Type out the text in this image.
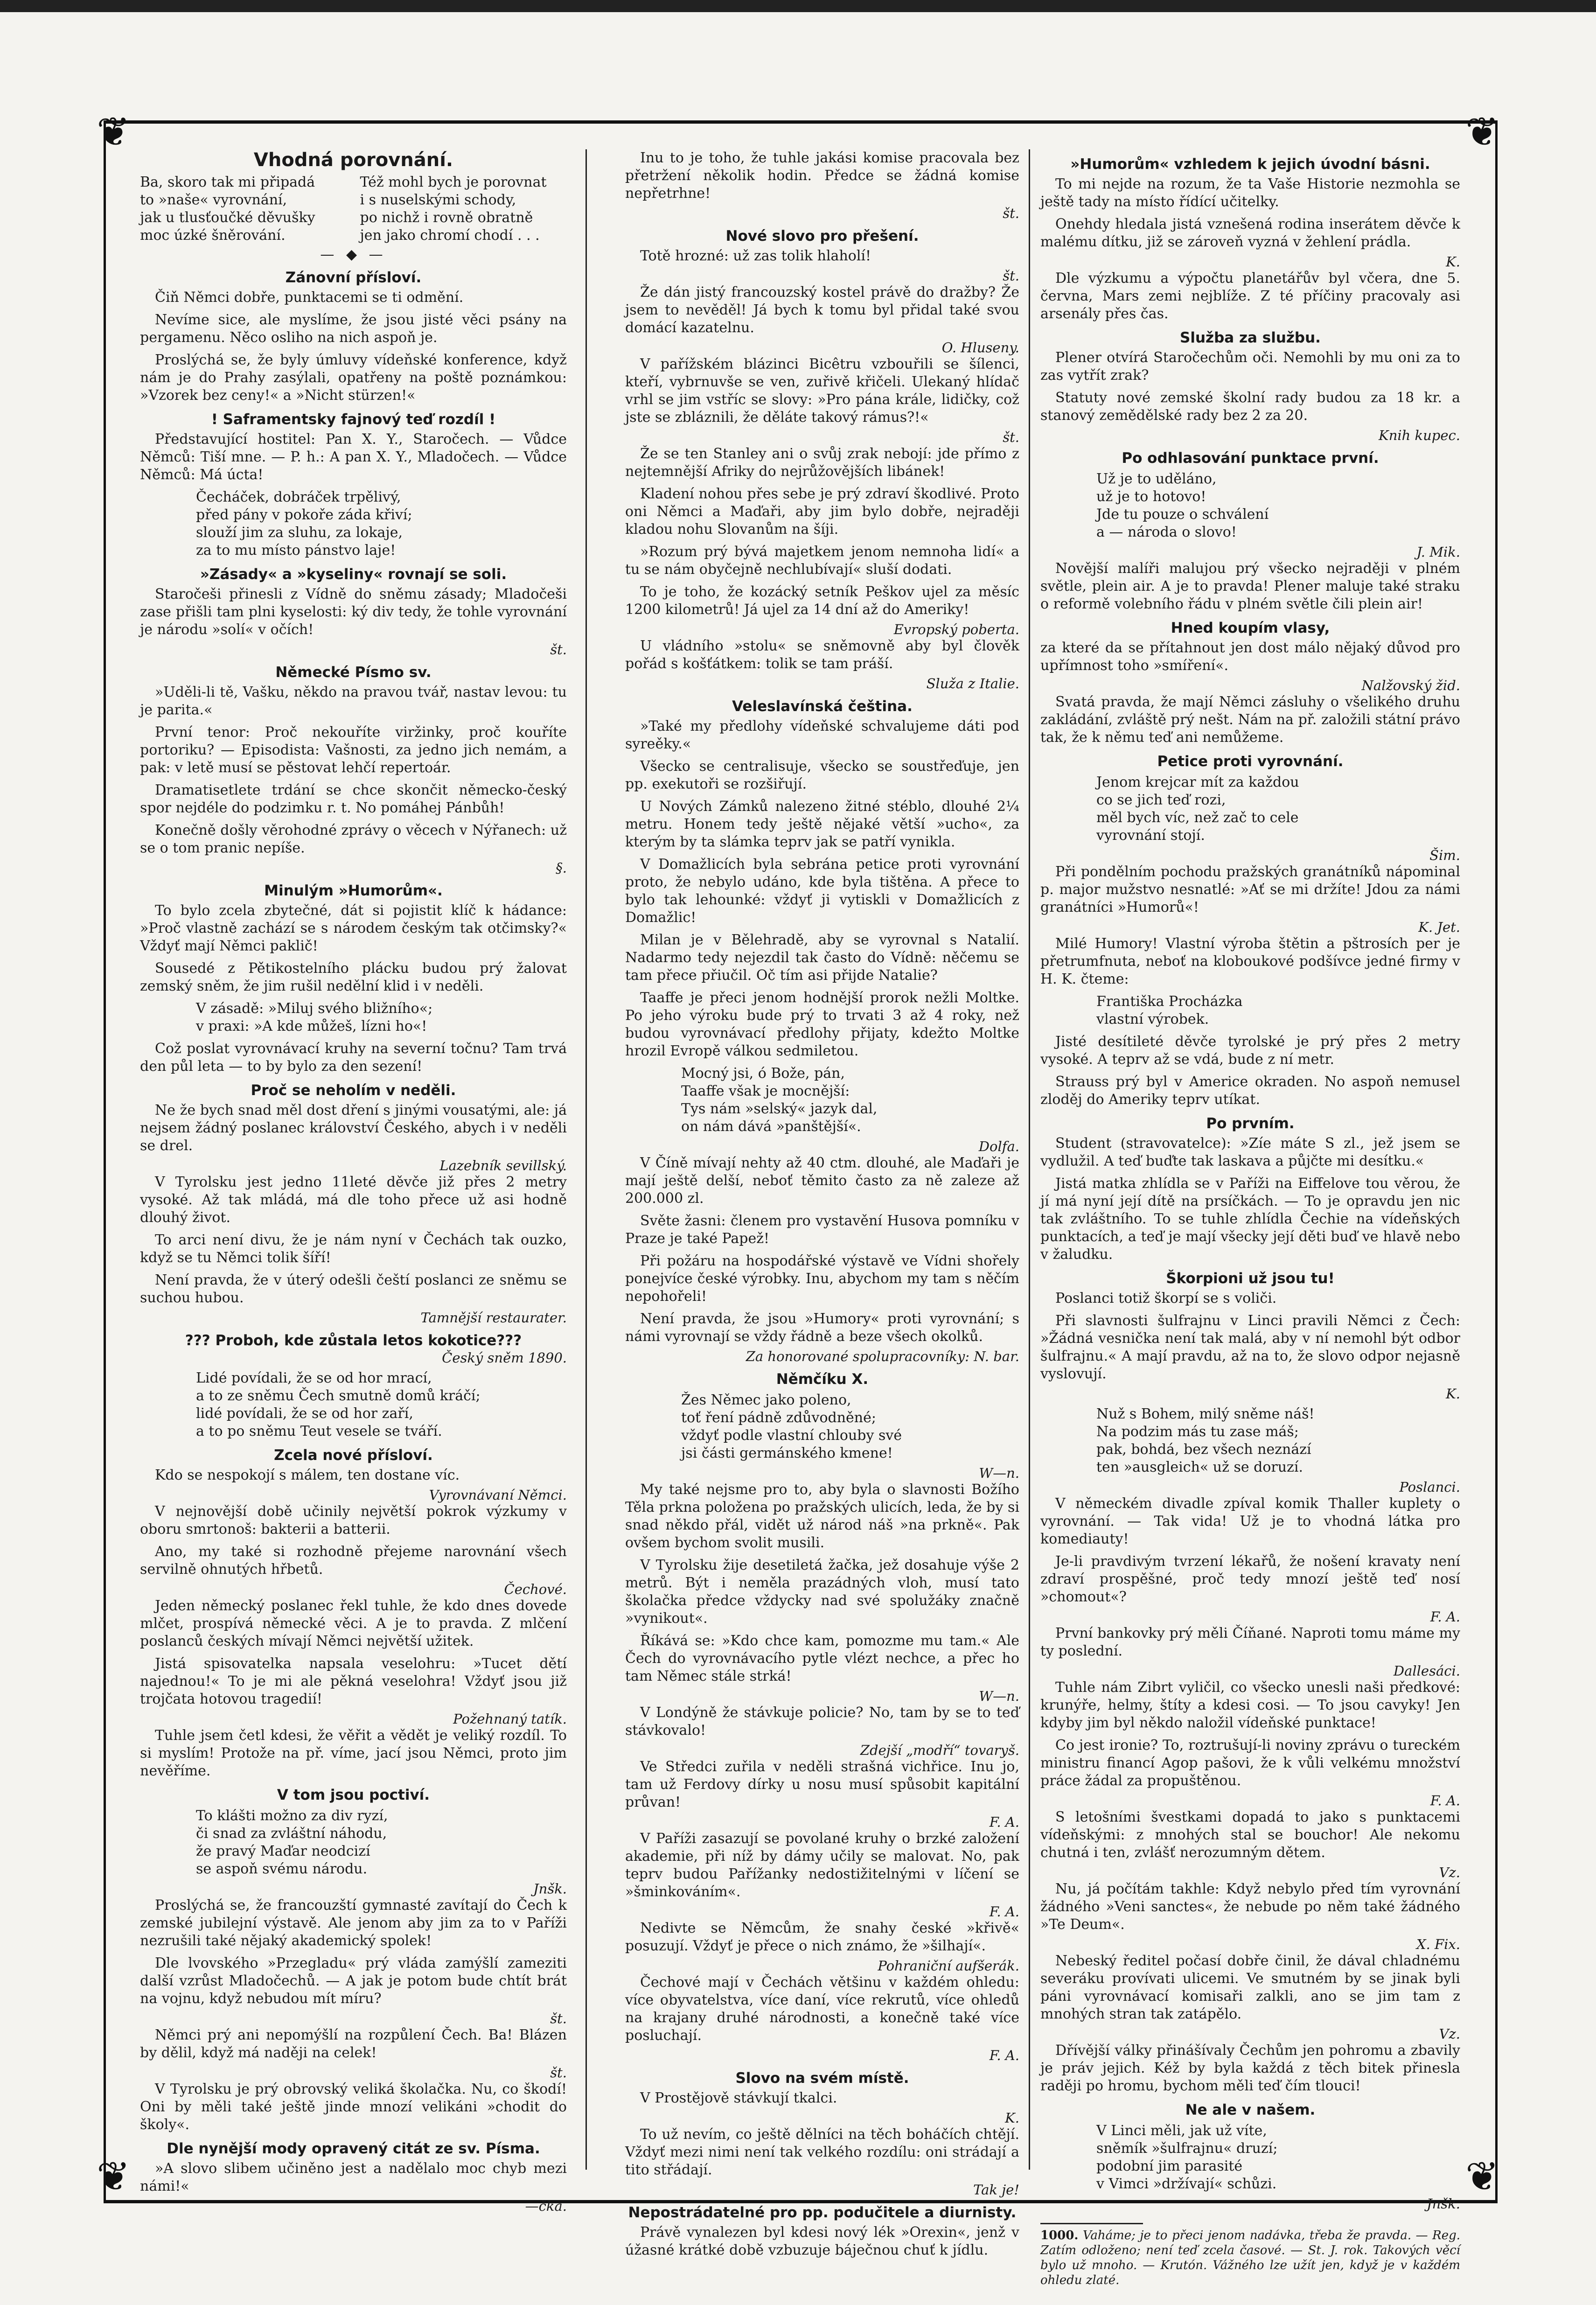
❦	❦
❦	❦
Vhodná porovnání.
Ba, skoro tak mi připadá
to »naše« vyrovnání,
jak u tlusťoučké děvušky
moc úzké šněrování.
Též mohl bych je porovnat
i s nuselskými schody,
po nichž i rovně obratně
jen jako chromí chodí . . .
— ◆ —
Zánovní přísloví.

Čiň Němci dobře, punktacemi se ti odmění.

Nevíme sice, ale myslíme, že jsou jisté věci psány na pergamenu. Něco osliho na nich aspoň je.

Proslýchá se, že byly úmluvy vídeňské konference, když nám je do Prahy zasýlali, opatřeny na poště poznámkou: »Vzorek bez ceny!« a »Nicht stürzen!«

! Saframentsky fajnový teď rozdíl !

Představující hostitel: Pan X. Y., Staročech. — Vůdce Němců: Tiší mne. — P. h.: A pan X. Y., Mladočech. — Vůdce Němců: Má úcta!

Čecháček, dobráček trpělivý,
před pány v pokoře záda křiví;
slouží jim za sluhu, za lokaje,
za to mu místo pánstvo laje!
»Zásady« a »kyseliny« rovnají se soli.

Staročeši přinesli z Vídně do sněmu zásady; Mladočeši zase přišli tam plni kyselosti: ký div tedy, že tohle vyrovnání je národu »solí« v očích!

št.
Německé Písmo sv.

»Uděli-li tě, Vašku, někdo na pravou tvář, nastav levou: tu je parita.«

První tenor: Proč nekouříte viržinky, proč kouříte portoriku? — Episodista: Vašnosti, za jedno jich nemám, a pak: v letě musí se pěstovat lehčí repertoár.

Dramatisetlete trdání se chce skončit německo-český spor nejdéle do podzimku r. t. No pomáhej Pánbůh!

Konečně došly věrohodné zprávy o věcech v Nýřanech: už se o tom pranic nepíše.

§.
Minulým »Humorům«.

To bylo zcela zbytečné, dát si pojistit klíč k hádance: »Proč vlastně zachází se s národem českým tak otčimsky?« Vždyť mají Němci paklič!

Sousedé z Pětikostelního plácku budou prý žalovat zemský sněm, že jim rušil nedělní klid i v neděli.

V zásadě: »Miluj svého bližního«;
v praxi: »A kde můžeš, lízni ho«!

Což poslat vyrovnávací kruhy na severní točnu? Tam trvá den půl leta — to by bylo za den sezení!

Proč se neholím v neděli.

Ne že bych snad měl dost dření s jinými vousatými, ale: já nejsem žádný poslanec království Českého, abych i v neděli se drel.

Lazebník sevillský.

V Tyrolsku jest jedno 11leté děvče již přes 2 metry vysoké. Až tak mládá, má dle toho přece už asi hodně dlouhý život.

To arci není divu, že je nám nyní v Čechách tak ouzko, když se tu Němci tolik šíří!

Není pravda, že v úterý odešli čeští poslanci ze sněmu se suchou hubou.

Tamnější restaurater.
??? Proboh, kde zůstala letos kokotice???
Český sněm 1890.
Lidé povídali, že se od hor mrací,
a to ze sněmu Čech smutně domů kráčí;
lidé povídali, že se od hor zaří,
a to po sněmu Teut vesele se tváří.
Zcela nové přísloví.

Kdo se nespokojí s málem, ten dostane víc.

Vyrovnávaní Němci.

V nejnovější době učinily největší pokrok výzkumy v oboru smrtonoš: bakterii a batterii.

Ano, my také si rozhodně přejeme narovnání všech servilně ohnutých hřbetů.

Čechové.

Jeden německý poslanec řekl tuhle, že kdo dnes dovede mlčet, prospívá německé věci. A je to pravda. Z mlčení poslanců českých mívají Němci největší užitek.

Jistá spisovatelka napsala veselohru: »Tucet dětí najednou!« To je mi ale pěkná veselohra! Vždyť jsou již trojčata hotovou tragedií!

Požehnaný tatík.

Tuhle jsem četl kdesi, že věřit a vědět je veliký rozdíl. To si myslím! Protože na př. víme, jací jsou Němci, proto jim nevěříme.

V tom jsou poctiví.
To klášti možno za div ryzí,
či snad za zvláštní náhodu,
že pravý Maďar neodcizí
se aspoň svému národu.
Jnšk.

Proslýchá se, že francouzští gymnasté zavítají do Čech k zemské jubilejní výstavě. Ale jenom aby jim za to v Paříži nezrušili také nějaký akademický spolek!

Dle lvovského »Przegladu« prý vláda zamýšlí zameziti další vzrůst Mladočechů. — A jak je potom bude chtít brát na vojnu, když nebudou mít míru?

št.

Němci prý ani nepomýšlí na rozpůlení Čech. Ba! Blázen by dělil, když má naději na celek!

št.

V Tyrolsku je prý obrovský veliká školačka. Nu, co škodí! Oni by měli také ještě jinde mnozí velikáni »chodit do školy«.

Dle nynější mody opravený citát ze sv. Písma.

»A slovo slibem učiněno jest a nadělalo moc chyb mezi námi!«

—čka.

Inu to je toho, že tuhle jakási komise pracovala bez přetržení několik hodin. Předce se žádná komise nepřetrhne!

št.
Nové slovo pro přešení.

Totě hrozné: už zas tolik hlaholí!

št.

Že dán jistý francouzský kostel právě do dražby? Že jsem to nevěděl! Já bych k tomu byl přidal také svou domácí kazatelnu.

O. Hluseny.

V pařížském blázinci Bicêtru vzbouřili se šílenci, kteří, vybrnuvše se ven, zuřivě křičeli. Ulekaný hlídač vrhl se jim vstříc se slovy: »Pro pána krále, lidičky, což jste se zbláznili, že děláte takový rámus?!«

št.

Že se ten Stanley ani o svůj zrak nebojí: jde přímo z nejtemnější Afriky do nejrůžovějších libánek!

Kladení nohou přes sebe je prý zdraví škodlivé. Proto oni Němci a Maďaři, aby jim bylo dobře, nejraději kladou nohu Slovanům na šíji.

»Rozum prý bývá majetkem jenom nemnoha lidí« a tu se nám obyčejně nechlubívají« sluší dodati.

To je toho, že kozácký setník Peškov ujel za měsíc 1200 kilometrů! Já ujel za 14 dní až do Ameriky!

Evropský poberta.

U vládního »stolu« se sněmovně aby byl člověk pořád s košťátkem: tolik se tam práší.

Služa z Italie.
Veleslavínská čeština.

»Také my předlohy vídeňské schvalujeme dáti pod syreěky.«

Všecko se centralisuje, všecko se soustřeďuje, jen pp. exekutoři se rozšiřují.

U Nových Zámků nalezeno žitné stéblo, dlouhé 2¼ metru. Honem tedy ještě nějaké větší »ucho«, za kterým by ta slámka teprv jak se patří vynikla.

V Domažlicích byla sebrána petice proti vyrovnání proto, že nebylo udáno, kde byla tištěna. A přece to bylo tak lehounké: vždyť ji vytiskli v Domažlicích z Domažlic!

Milan je v Bělehradě, aby se vyrovnal s Natalií. Nadarmo tedy nejezdil tak často do Vídně: něčemu se tam přece přiučil. Oč tím asi přijde Natalie?

Taaffe je přeci jenom hodnější prorok nežli Moltke. Po jeho výroku bude prý to trvati 3 až 4 roky, než budou vyrovnávací předlohy přijaty, kdežto Moltke hrozil Evropě válkou sedmiletou.

Mocný jsi, ó Bože, pán,
Taaffe však je mocnější:
Tys nám »selský« jazyk dal,
on nám dává »panštější«.
Dolfa.

V Číně mívají nehty až 40 ctm. dlouhé, ale Maďaři je mají ještě delší, neboť těmito často za ně zaleze až 200.000 zl.

Světe žasni: členem pro vystavění Husova pomníku v Praze je také Papež!

Při požáru na hospodářské výstavě ve Vídni shořely ponejvíce české výrobky. Inu, abychom my tam s něčím nepohořeli!

Není pravda, že jsou »Humory« proti vyrovnání; s námi vyrovnají se vždy řádně a beze všech okolků.

Za honorované spolupracovníky: N. bar.
Němčíku X.
Žes Němec jako poleno,
toť ření pádně zdůvodněné;
vždyť podle vlastní chlouby své
jsi části germánského kmene!
W—n.

My také nejsme pro to, aby byla o slavnosti Božího Těla prkna položena po pražských ulicích, leda, že by si snad někdo přál, vidět už národ náš »na prkně«. Pak ovšem bychom svolit musili.

V Tyrolsku žije desetiletá žačka, jež dosahuje výše 2 metrů. Být i neměla prazádných vloh, musí tato školačka předce vždycky nad své spolužáky značně »vynikout«.

Říkává se: »Kdo chce kam, pomozme mu tam.« Ale Čech do vyrovnávacího pytle vlézt nechce, a přec ho tam Němec stále strká!

W—n.

V Londýně že stávkuje policie? No, tam by se to teď stávkovalo!

Zdejší „modří“ tovaryš.

Ve Středci zuřila v neděli strašná vichřice. Inu jo, tam už Ferdovy dírky u nosu musí spůsobit kapitální průvan!

F. A.

V Paříži zasazují se povolané kruhy o brzké založení akademie, při níž by dámy učily se malovat. No, pak teprv budou Pařížanky nedostižitelnými v líčení se »šminkováním«.

F. A.

Nedivte se Němcům, že snahy české »křivě« posuzují. Vždyť je přece o nich známo, že »šilhají«.

Pohraniční aufšerák.

Čechové mají v Čechách většinu v každém ohledu: více obyvatelstva, více daní, více rekrutů, více ohledů na krajany druhé národnosti, a konečně také více posluchají.

F. A.
Slovo na svém místě.

V Prostějově stávkují tkalci.

K.

To už nevím, co ještě dělníci na těch boháčích chtějí. Vždyť mezi nimi není tak velkého rozdílu: oni strádají a tito střádají.

Tak je!
Nepostrádatelné pro pp. podučitele a diurnisty.

Právě vynalezen byl kdesi nový lék »Orexin«, jenž v úžasné krátké době vzbuzuje báječnou chuť k jídlu.

»Humorům« vzhledem k jejich úvodní básni.

To mi nejde na rozum, že ta Vaše Historie nezmohla se ještě tady na místo řídící učitelky.

Onehdy hledala jistá vznešená rodina inserátem děvče k malému dítku, již se zároveň vyzná v žehlení prádla.

K.

Dle výzkumu a výpočtu planetářův byl včera, dne 5. června, Mars zemi nejblíže. Z té příčiny pracovaly asi arsenály přes čas.

Služba za službu.

Plener otvírá Staročechům oči. Nemohli by mu oni za to zas vytřít zrak?

Statuty nové zemské školní rady budou za 18 kr. a stanový zemědělské rady bez 2 za 20.

Knih kupec.
Po odhlasování punktace první.
Už je to uděláno,
už je to hotovo!
Jde tu pouze o schválení
a — národa o slovo!
J. Mik.

Novější malíři malujou prý všecko nejraději v plném světle, plein air. A je to pravda! Plener maluje také straku o reformě volebního řádu v plném světle čili plein air!

Hned koupím vlasy,

za které da se přítahnout jen dost málo nějaký důvod pro upřímnost toho »smíření«.

Nalžovský žid.

Svatá pravda, že mají Němci zásluhy o všelikého druhu zakládání, zvláště prý nešt. Nám na př. založili státní právo tak, že k němu teď ani nemůžeme.

Petice proti vyrovnání.
Jenom krejcar mít za každou
co se jich teď rozi,
měl bych víc, než zač to cele
vyrovnání stojí.
Šim.

Při pondělním pochodu pražských granátníků nápominal p. major mužstvo nesnatlé: »Ať se mi držíte! Jdou za námi granátníci »Humorů«!

K. Jet.

Milé Humory! Vlastní výroba štětin a pštrosích per je přetrumfnuta, neboť na kloboukové podšívce jedné firmy v H. K. čteme:

Františka Procházka
vlastní výrobek.

Jisté desítileté děvče tyrolské je prý přes 2 metry vysoké. A teprv až se vdá, bude z ní metr.

Strauss prý byl v Americe okraden. No aspoň nemusel zloděj do Ameriky teprv utíkat.

Po prvním.

Student (stravovatelce): »Zíe máte S zl., jež jsem se vydlužil. A teď buďte tak laskava a půjčte mi desítku.«

Jistá matka zhlídla se v Paříži na Eiffelove tou věrou, že jí má nyní její dítě na prsíčkách. — To je opravdu jen nic tak zvláštního. To se tuhle zhlídla Čechie na vídeňských punktacích, a teď je mají všecky její děti buď ve hlavě nebo v žaludku.

Škorpioni už jsou tu!

Poslanci totiž škorpí se s voliči.

Při slavnosti šulfrajnu v Linci pravili Němci z Čech: »Žádná vesnička není tak malá, aby v ní nemohl být odbor šulfrajnu.« A mají pravdu, až na to, že slovo odpor nejasně vyslovují.

K.
Nuž s Bohem, milý sněme náš!
Na podzim más tu zase máš;
pak, bohdá, bez všech neznází
ten »ausgleich« už se doruzí.
Poslanci.

V německém divadle zpíval komik Thaller kuplety o vyrovnání. — Tak vida! Už je to vhodná látka pro komediauty!

Je-li pravdivým tvrzení lékařů, že nošení kravaty není zdraví prospěšné, proč tedy mnozí ještě teď nosí »chomout«?

F. A.

První bankovky prý měli Číňané. Naproti tomu máme my ty poslední.

Dallesáci.

Tuhle nám Zibrt vyličil, co všecko unesli naši předkové: krunýře, helmy, štíty a kdesi cosi. — To jsou cavyky! Jen kdyby jim byl někdo naložil vídeňské punktace!

Co jest ironie? To, roztrušují-li noviny zprávu o tureckém ministru financí Agop pašovi, že k vůli velkému množství práce žádal za propuštěnou.

F. A.

S letošními švestkami dopadá to jako s punktacemi vídeňskými: z mnohých stal se bouchor! Ale nekomu chutná i ten, zvlášť nerozumným dětem.

Vz.

Nu, já počítám takhle: Když nebylo před tím vyrovnání žádného »Veni sanctes«, že nebude po něm také žádného »Te Deum«.

X. Fix.

Nebeský ředitel počasí dobře činil, že dával chladnému severáku provívati ulicemi. Ve smutném by se jinak byli páni vyrovnávací komisaři zalkli, ano se jim tam z mnohých stran tak zatápělo.

Vz.

Dřívější války přinášívaly Čechům jen pohromu a zbavily je práv jejich. Kéž by byla každá z těch bitek přinesla raději po hromu, bychom měli teď čím tlouci!

Ne ale v našem.
V Linci měli, jak už víte,
sněmík »šulfrajnu« druzí;
podobní jim parasité
v Vimci »držívají« schůzi.
Jnšk.
1000. Vaháme; je to přeci jenom nadávka, třeba že pravda. — Reg. Zatím odloženo; není teď zcela časové. — St. J. rok. Takových věcí bylo už mnoho. — Krutón. Vážného lze užít jen, když je v každém ohledu zlaté.
